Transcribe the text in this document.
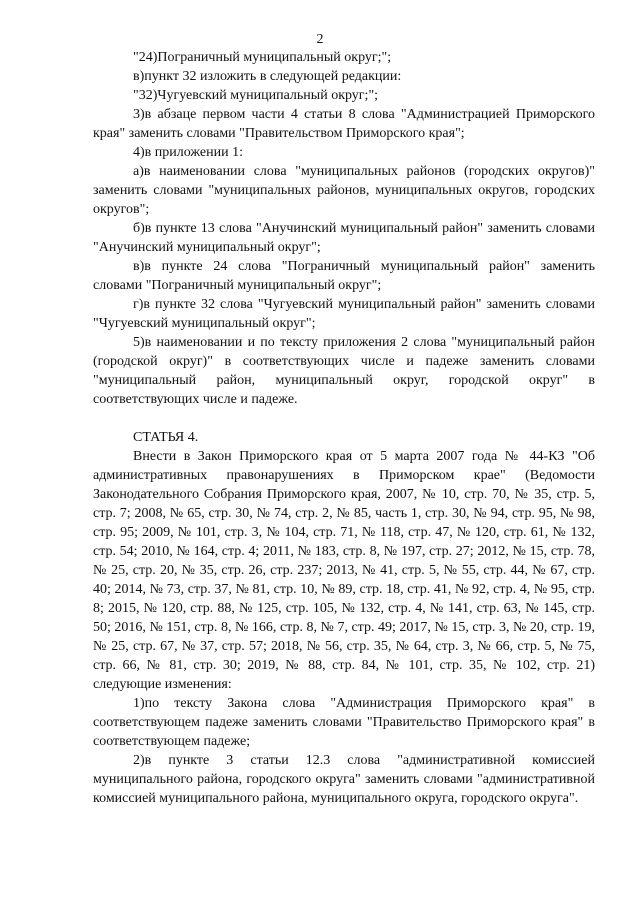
2

"24)Пограничный муниципальный округ;";

в)пункт 32 изложить в следующей редакции:

"32)Чугуевский муниципальный округ;";

3)в абзаце первом части 4 статьи 8 слова "Администрацией Приморского края" заменить словами "Правительством Приморского края";

4)в приложении 1:

а)в наименовании слова "муниципальных районов (городских округов)" заменить словами "муниципальных районов, муниципальных округов, городских округов";

б)в пункте 13 слова "Анучинский муниципальный район" заменить словами "Анучинский муниципальный округ";

в)в пункте 24 слова "Пограничный муниципальный район" заменить словами "Пограничный муниципальный округ";

г)в пункте 32 слова "Чугуевский муниципальный район" заменить словами "Чугуевский муниципальный округ";

5)в наименовании и по тексту приложения 2 слова "муниципальный район (городской округ)" в соответствующих числе и падеже заменить словами "муниципальный район, муниципальный округ, городской округ" в соответствующих числе и падеже.

СТАТЬЯ 4.

Внести в Закон Приморского края от 5 марта 2007 года № 44-КЗ "Об административных правонарушениях в Приморском крае" (Ведомости Законодательного Собрания Приморского края, 2007, № 10, стр. 70, № 35, стр. 5, стр. 7; 2008, № 65, стр. 30, № 74, стр. 2, № 85, часть 1, стр. 30, № 94, стр. 95, № 98, стр. 95; 2009, № 101, стр. 3, № 104, стр. 71, № 118, стр. 47, № 120, стр. 61, № 132, стр. 54; 2010, № 164, стр. 4; 2011, № 183, стр. 8, № 197, стр. 27; 2012, № 15, стр. 78, № 25, стр. 20, № 35, стр. 26, стр. 237; 2013, № 41, стр. 5, № 55, стр. 44, № 67, стр. 40; 2014, № 73, стр. 37, № 81, стр. 10, № 89, стр. 18, стр. 41, № 92, стр. 4, № 95, стр. 8; 2015, № 120, стр. 88, № 125, стр. 105, № 132, стр. 4, № 141, стр. 63, № 145, стр. 50; 2016, № 151, стр. 8, № 166, стр. 8, № 7, стр. 49; 2017, № 15, стр. 3, № 20, стр. 19, № 25, стр. 67, № 37, стр. 57; 2018, № 56, стр. 35, № 64, стр. 3, № 66, стр. 5, № 75, стр. 66, № 81, стр. 30; 2019, № 88, стр. 84, № 101, стр. 35, № 102, стр. 21) следующие изменения:

1)по тексту Закона слова "Администрация Приморского края" в соответствующем падеже заменить словами "Правительство Приморского края" в соответствующем падеже;

2)в пункте 3 статьи 12.3 слова "административной комиссией муниципального района, городского округа" заменить словами "административной комиссией муниципального района, муниципального округа, городского округа".
